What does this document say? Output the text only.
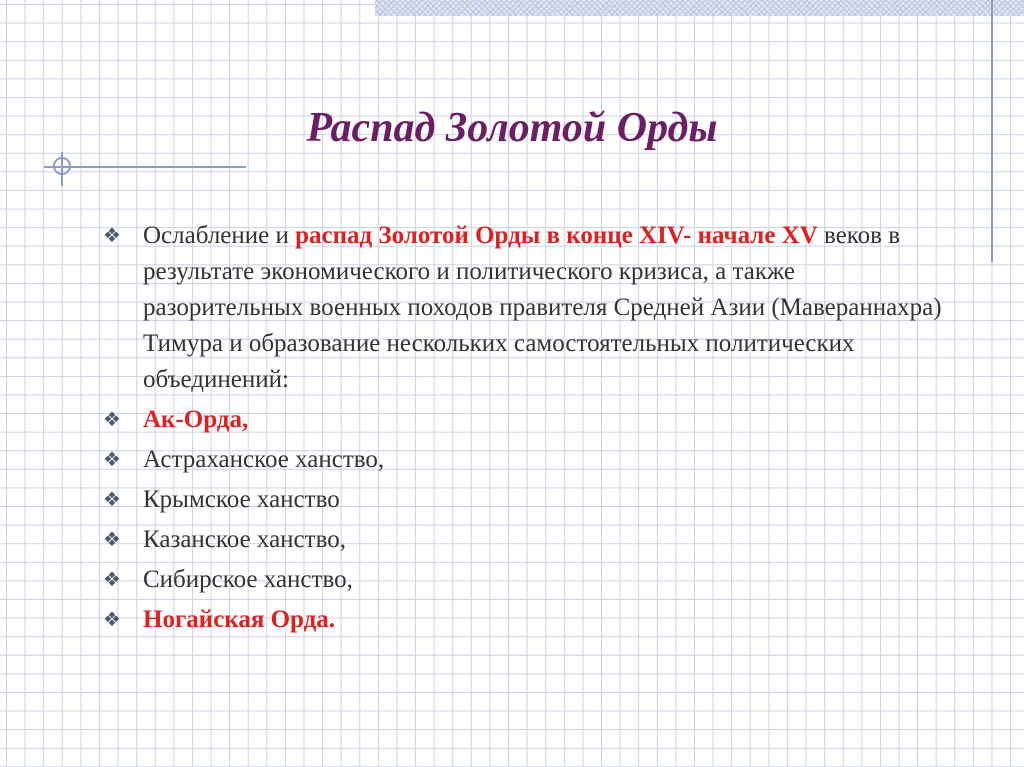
Распад Золотой Орды
❖ Ослабление и распад Золотой Орды в конце XIV- начале XV веков в результате экономического и политического кризиса, а также разорительных военных походов правителя Средней Азии (Мавераннахра) Тимура и образование нескольких самостоятельных политических объединений:
❖ Ак-Орда,
❖ Астраханское ханство,
❖ Крымское ханство
❖ Казанское ханство,
❖ Сибирское ханство,
❖ Ногайская Орда.
